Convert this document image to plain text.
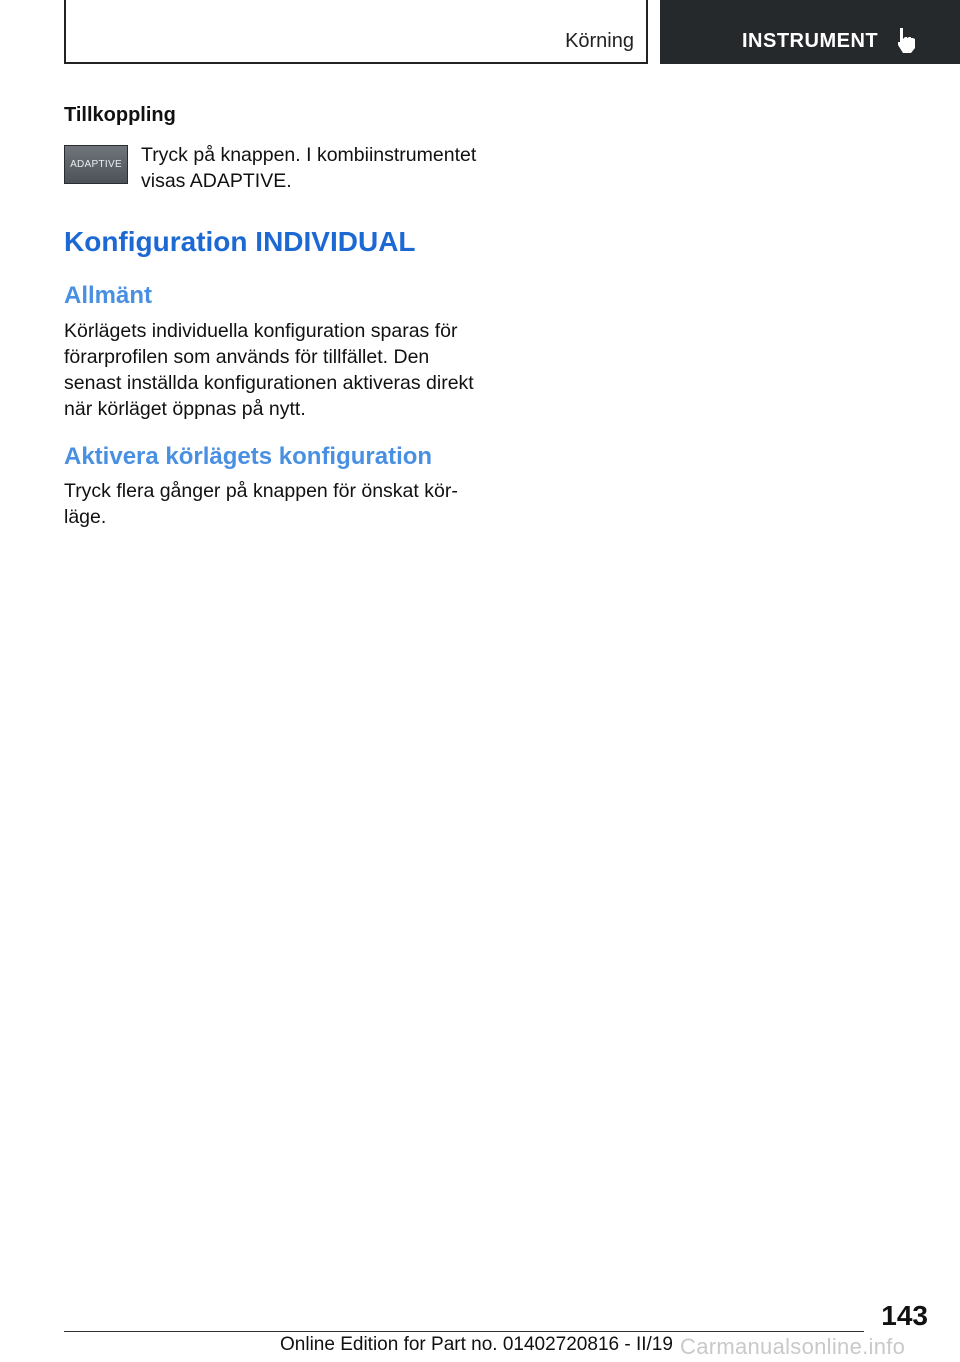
Körning	INSTRUMENT
Tillkoppling
ADAPTIVE Tryck på knappen. I kombiinstrumentet visas ADAPTIVE.
Konfiguration INDIVIDUAL
Allmänt
Körlägets individuella konfiguration sparas för förarprofilen som används för tillfället. Den senast inställda konfigurationen aktiveras direkt när körläget öppnas på nytt.
Aktivera körlägets konfiguration
Tryck flera gånger på knappen för önskat körläge.
143
Online Edition for Part no. 01402720816 - II/19 Carmanualsonline.info
